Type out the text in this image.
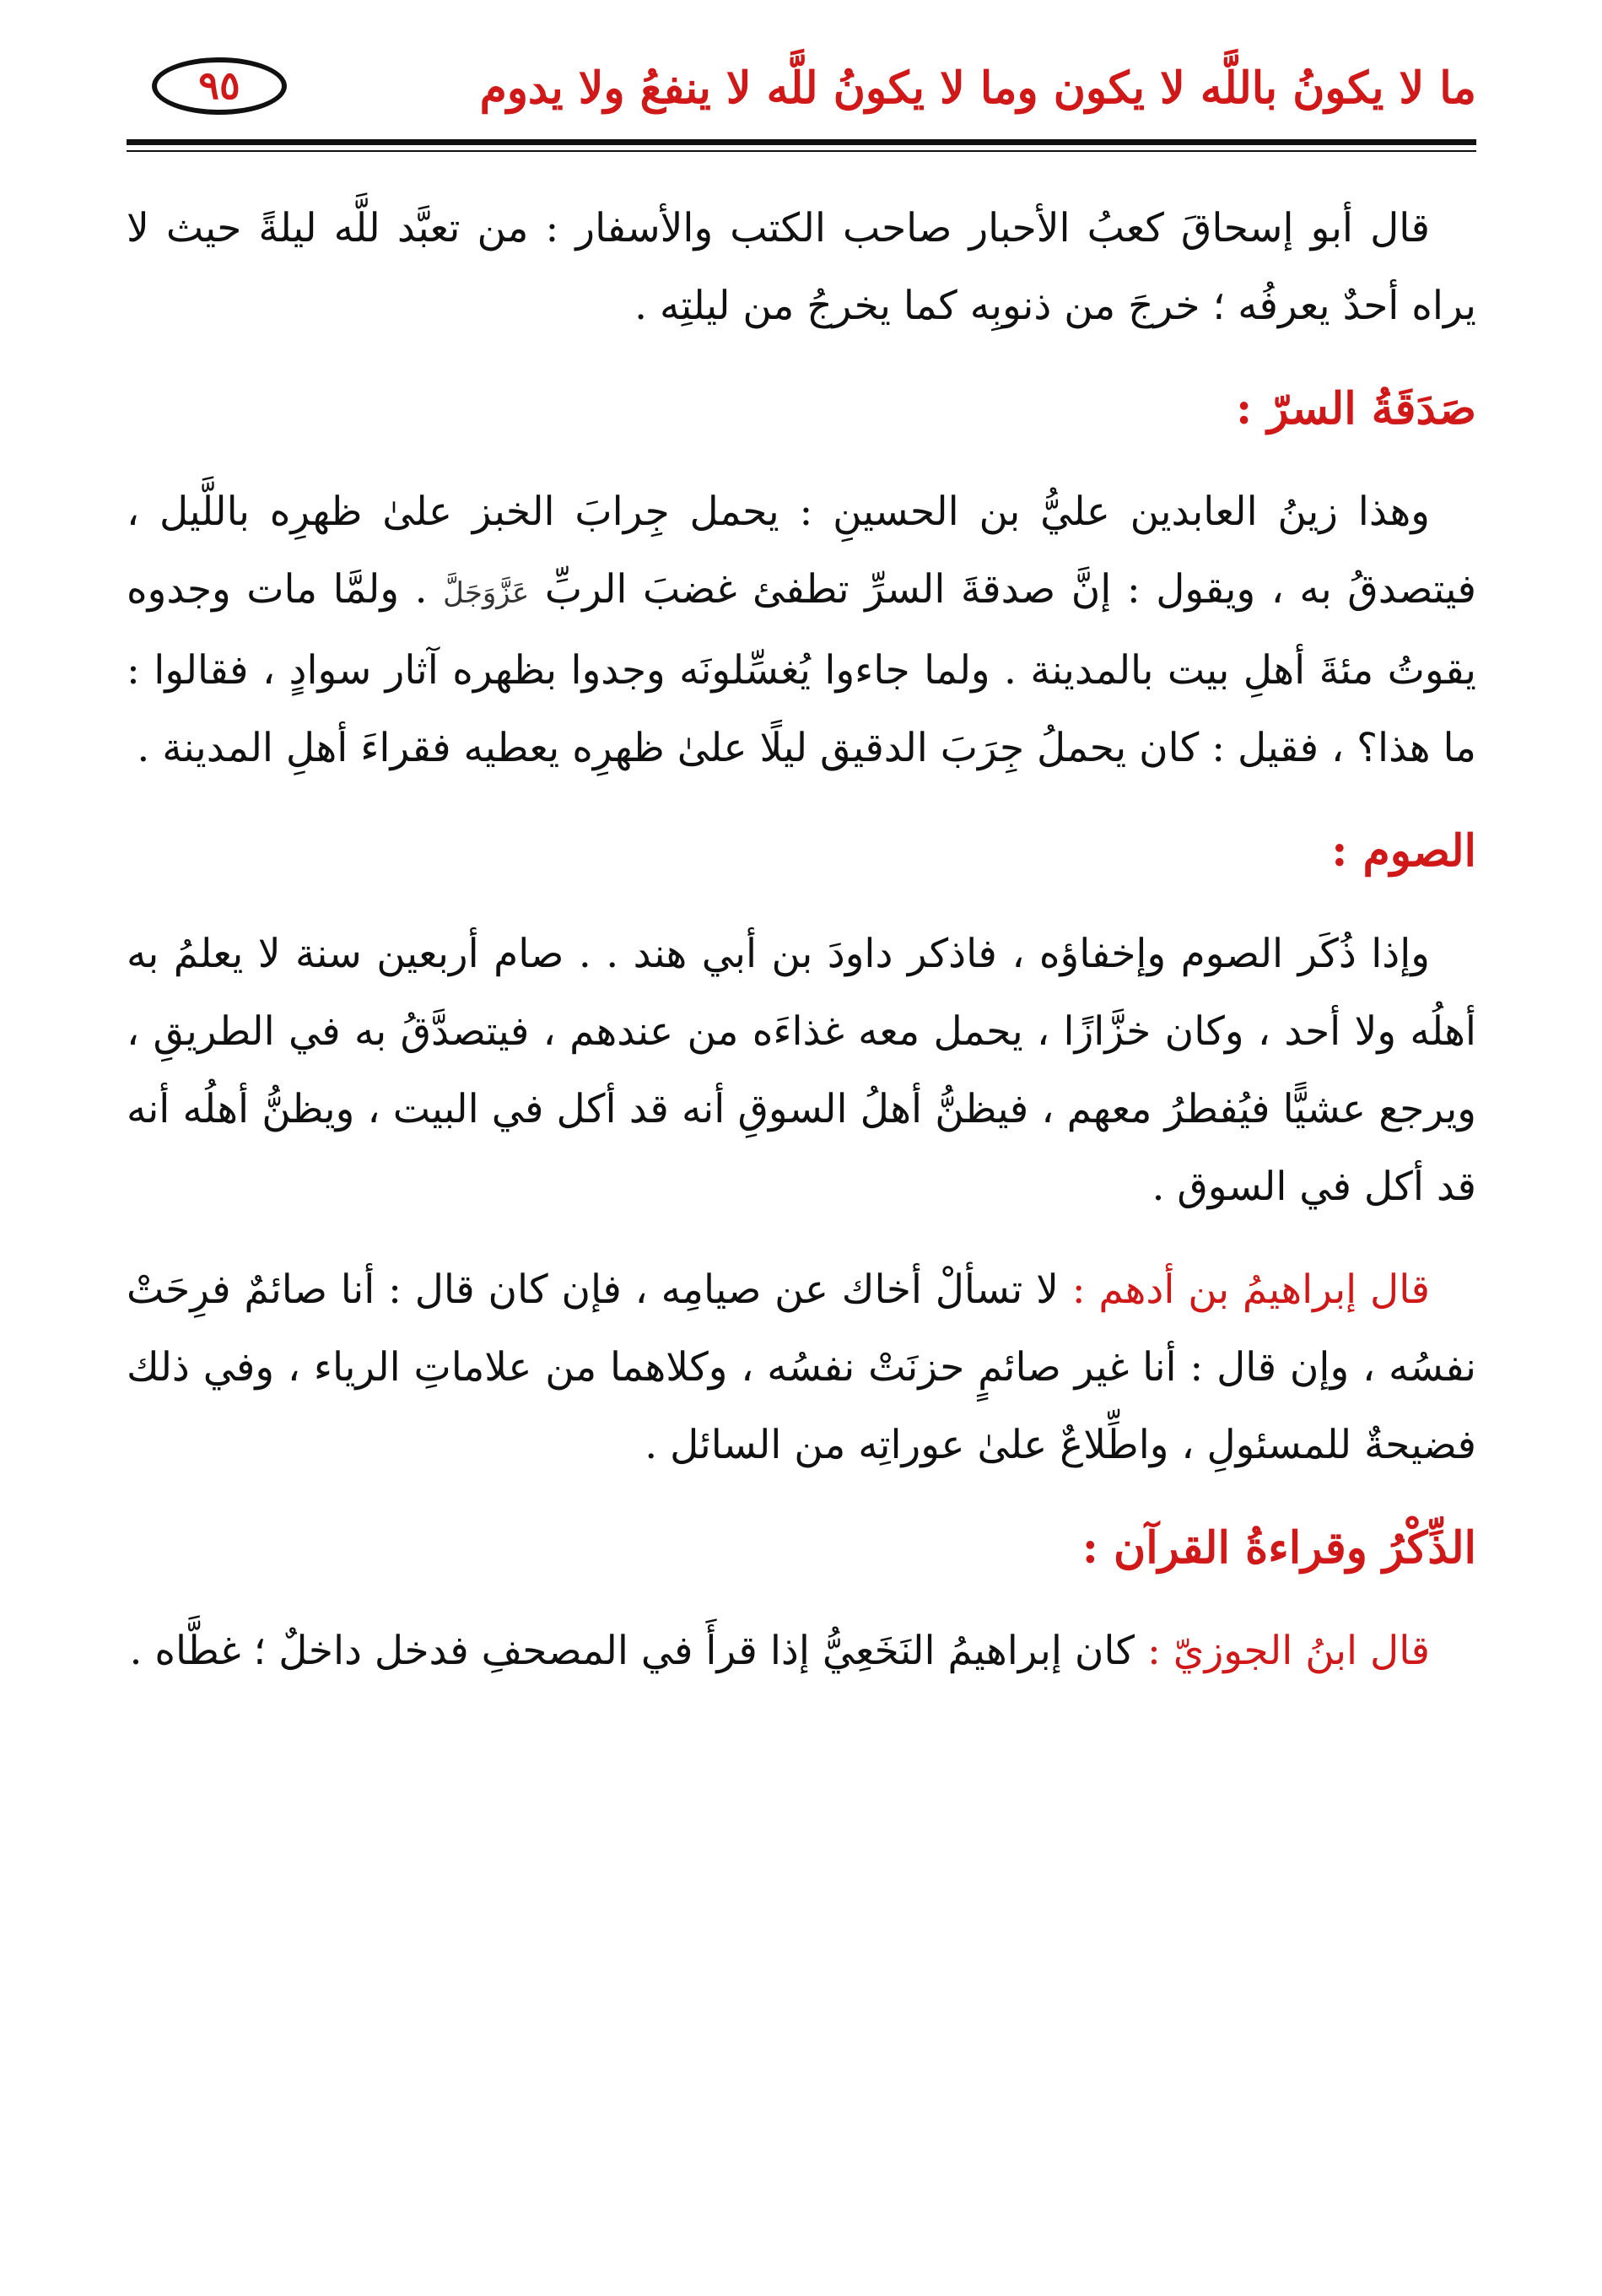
ما لا يكونُ باللَّه لا يكون وما لا يكونُ للَّه لا ينفعُ ولا يدوم
٩٥

قال أبو إسحاقَ كعبُ الأحبار صاحب الكتب والأسفار : من تعبَّد للَّه ليلةً حيث لا يراه أحدٌ يعرفُه ؛ خرجَ من ذنوبِه كما يخرجُ من ليلتِه .

صَدَقَةُ السرّ :

وهذا زينُ العابدين عليُّ بن الحسينِ : يحمل جِرابَ الخبز علىٰ ظهرِه باللَّيل ، فيتصدقُ به ، ويقول : إنَّ صدقةَ السرِّ تطفئ غضبَ الربِّ عَزَّوَجَلَّ . ولمَّا مات وجدوه يقوتُ مئةَ أهلِ بيت بالمدينة . ولما جاءوا يُغسِّلونَه وجدوا بظهره آثار سوادٍ ، فقالوا : ما هذا؟ ، فقيل : كان يحملُ جِرَبَ الدقيق ليلًا علىٰ ظهرِه يعطيه فقراءَ أهلِ المدينة .

الصوم :

وإذا ذُكَر الصوم وإخفاؤه ، فاذكر داودَ بن أبي هند . . صام أربعين سنة لا يعلمُ به أهلُه ولا أحد ، وكان خزَّازًا ، يحمل معه غذاءَه من عندهم ، فيتصدَّقُ به في الطريقِ ، ويرجع عشيًّا فيُفطرُ معهم ، فيظنُّ أهلُ السوقِ أنه قد أكل في البيت ، ويظنُّ أهلُه أنه قد أكل في السوق .

قال إبراهيمُ بن أدهم : لا تسألْ أخاك عن صيامِه ، فإن كان قال : أنا صائمٌ فرِحَتْ نفسُه ، وإن قال : أنا غير صائمٍ حزنَتْ نفسُه ، وكلاهما من علاماتِ الرياء ، وفي ذلك فضيحةٌ للمسئولِ ، واطِّلاعٌ علىٰ عوراتِه من السائل .

الذِّكْرُ وقراءةُ القرآن :

قال ابنُ الجوزيّ : كان إبراهيمُ النَخَعِيُّ إذا قرأَ في المصحفِ فدخل داخلٌ ؛ غطَّاه .
